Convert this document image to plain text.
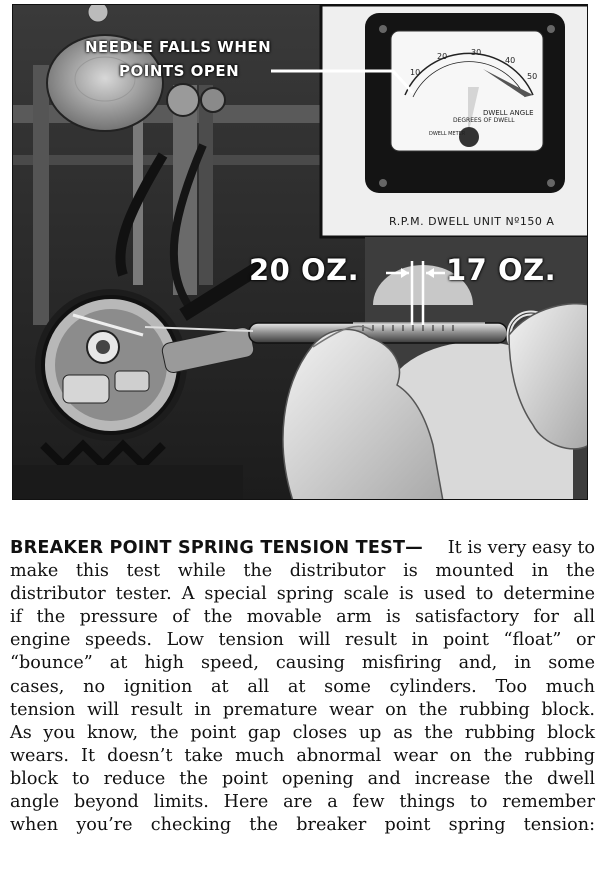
10
20	30
40
50
NEEDLE FALLS WHEN
POINTS OPEN
20 OZ.	17 OZ.
DWELL ANGLE
DEGREES OF DWELL
DWELL METER
R.P.M. DWELL UNIT Nº150 A
BREAKER POINT SPRING TENSION TEST— It is very easy to
make this test while the distributor is mounted in the
distributor tester. A special spring scale is used to determine
if the pressure of the movable arm is satisfactory for all
engine speeds. Low tension will result in point “float” or
“bounce” at high speed, causing misfiring and, in some
cases, no ignition at all at some cylinders. Too much
tension will result in premature wear on the rubbing block.
As you know, the point gap closes up as the rubbing block
wears. It doesn’t take much abnormal wear on the rubbing
block to reduce the point opening and increase the dwell
angle beyond limits. Here are a few things to remember
when you’re checking the breaker point spring tension:
